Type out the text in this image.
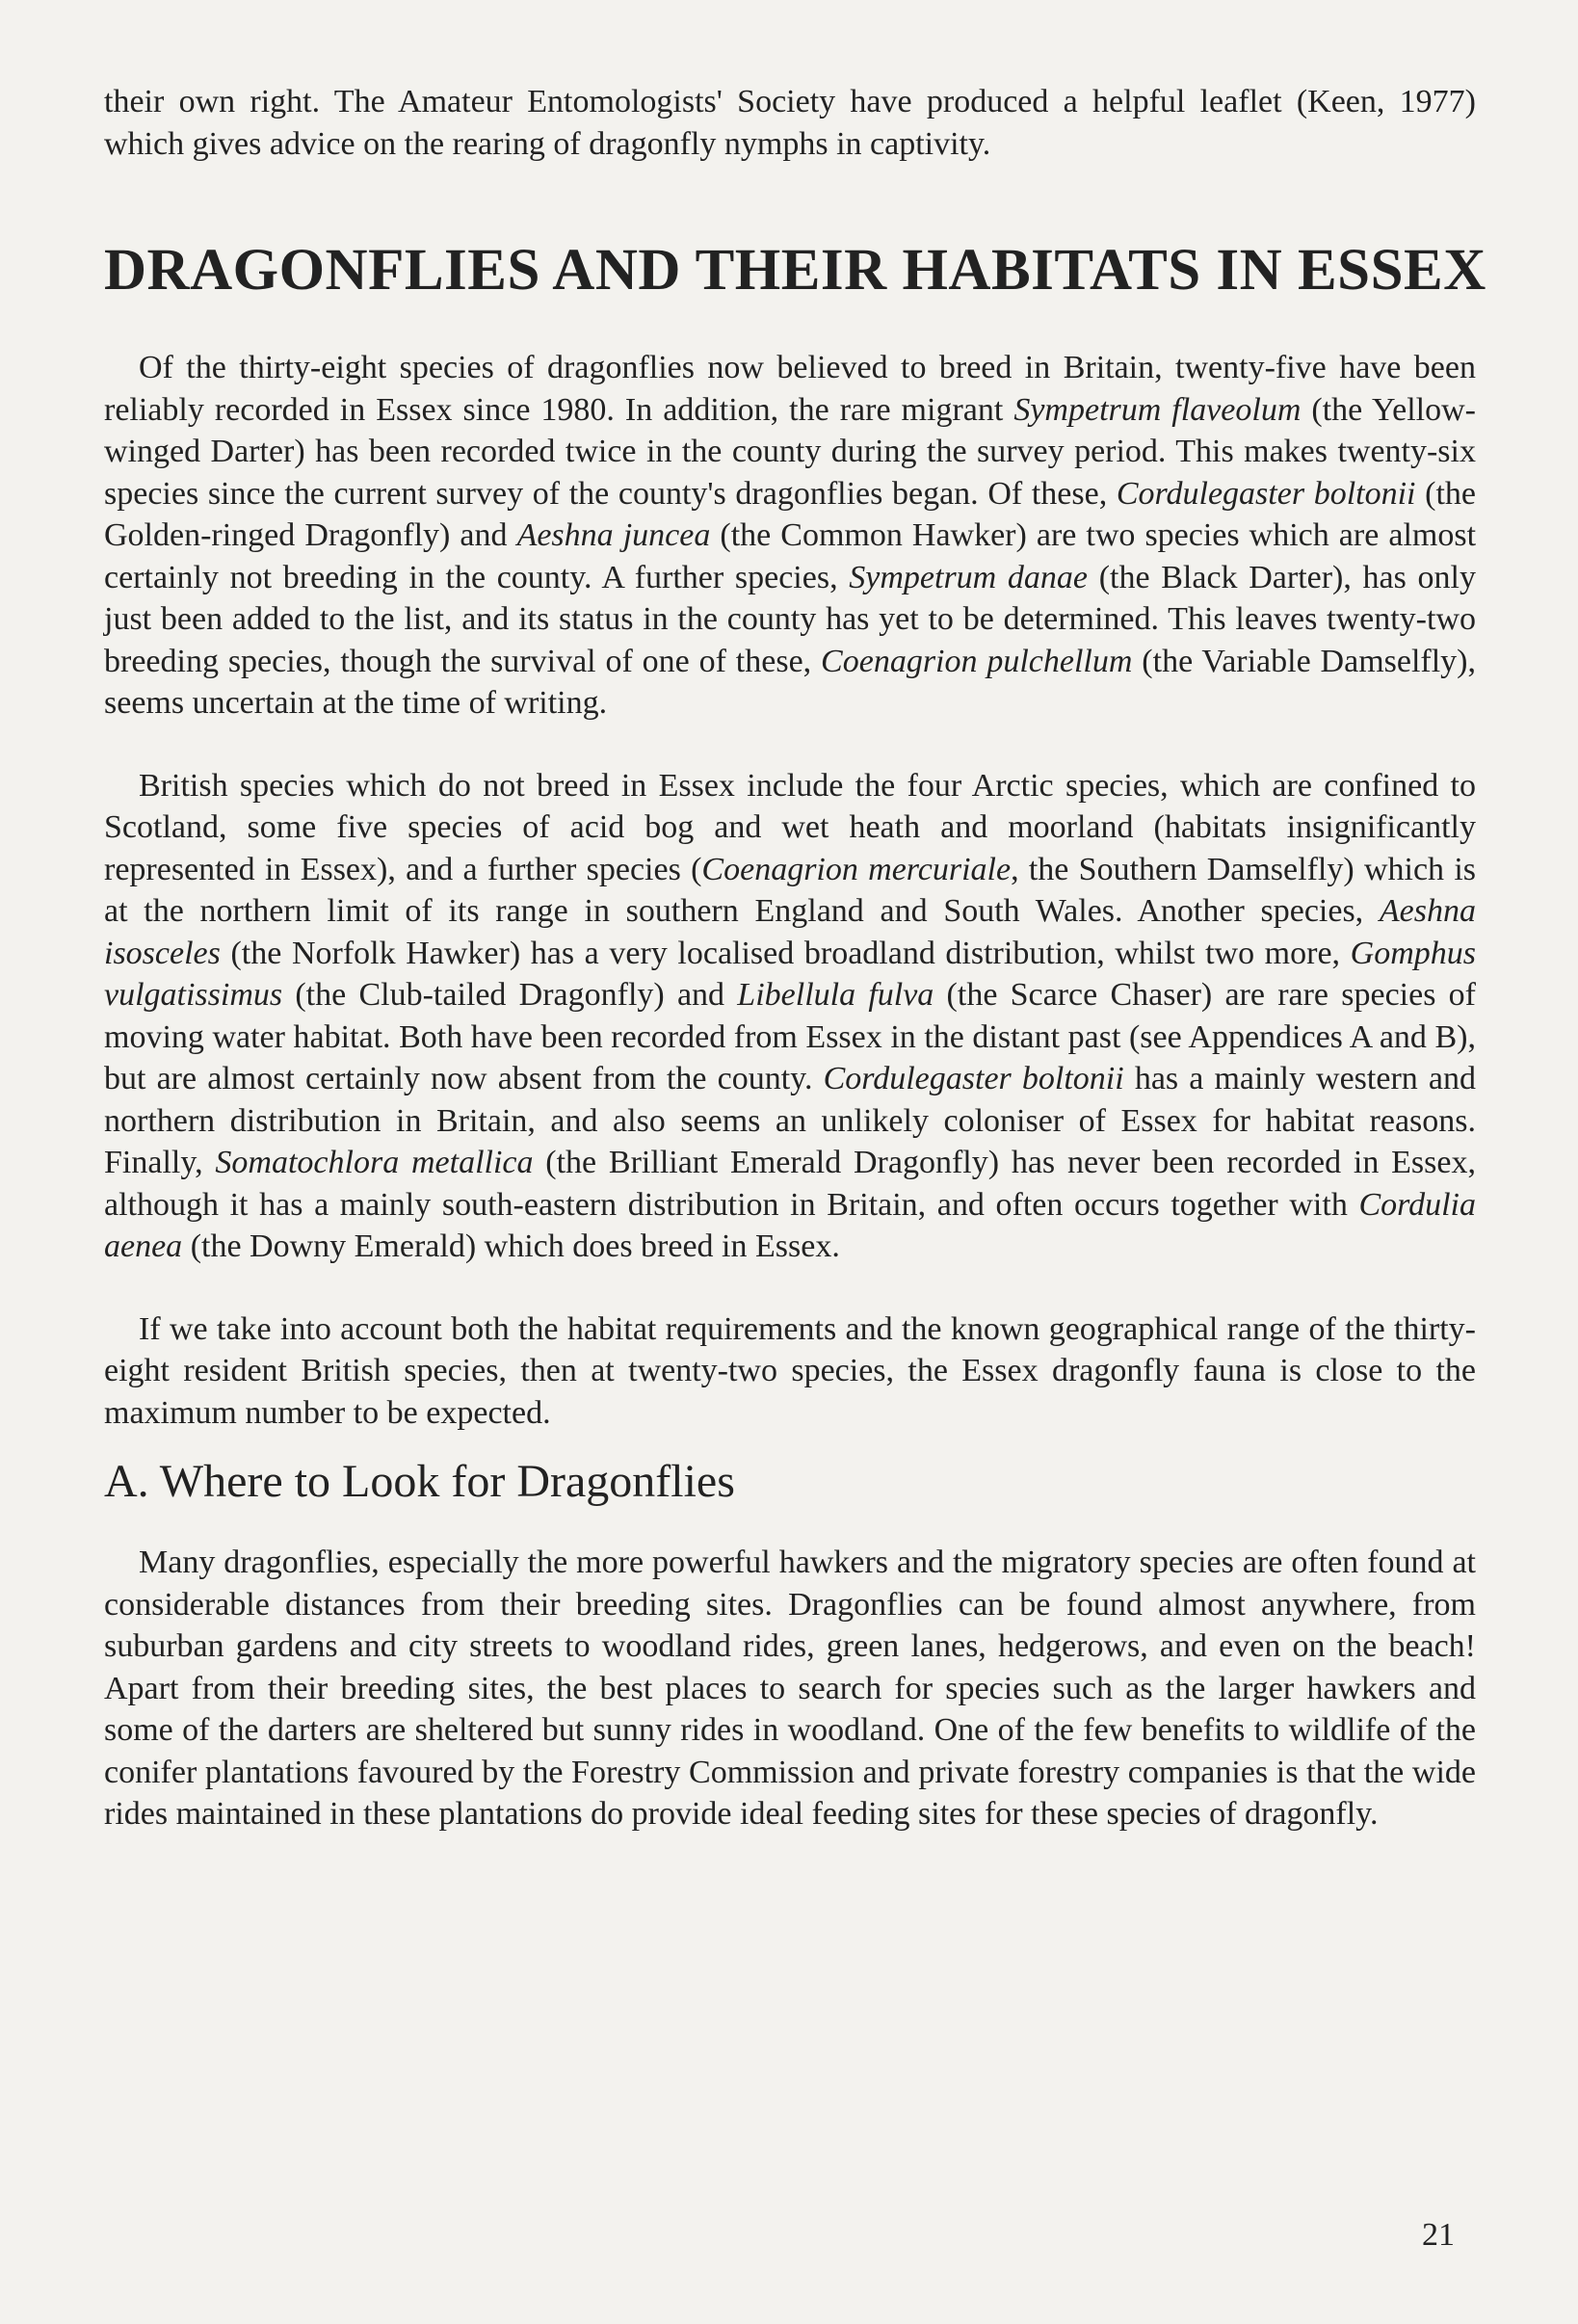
their own right. The Amateur Entomologists' Society have produced a helpful leaflet (Keen, 1977) which gives advice on the rearing of dragonfly nymphs in captivity.

DRAGONFLIES AND THEIR HABITATS IN ESSEX

Of the thirty-eight species of dragonflies now believed to breed in Britain, twenty-five have been reliably recorded in Essex since 1980. In addition, the rare migrant Sympetrum flaveolum (the Yellow-winged Darter) has been recorded twice in the county during the survey period. This makes twenty-six species since the current survey of the county's dragonflies began. Of these, Cordulegaster boltonii (the Golden-ringed Dragonfly) and Aeshna juncea (the Common Hawker) are two species which are almost certainly not breeding in the county. A further species, Sympetrum danae (the Black Darter), has only just been added to the list, and its status in the county has yet to be determined. This leaves twenty-two breeding species, though the survival of one of these, Coenagrion pulchellum (the Variable Damselfly), seems uncertain at the time of writing.

British species which do not breed in Essex include the four Arctic species, which are confined to Scotland, some five species of acid bog and wet heath and moorland (habitats insignificantly represented in Essex), and a further species (Coenagrion mercuriale, the Southern Damselfly) which is at the northern limit of its range in southern England and South Wales. Another species, Aeshna isosceles (the Norfolk Hawker) has a very localised broadland distribution, whilst two more, Gomphus vulgatissimus (the Club-tailed Dragonfly) and Libellula fulva (the Scarce Chaser) are rare species of moving water habitat. Both have been recorded from Essex in the distant past (see Appendices A and B), but are almost certainly now absent from the county. Cordulegaster boltonii has a mainly western and northern distribution in Britain, and also seems an unlikely coloniser of Essex for habitat reasons. Finally, Somatochlora metallica (the Brilliant Emerald Dragonfly) has never been recorded in Essex, although it has a mainly south-eastern distribution in Britain, and often occurs together with Cordulia aenea (the Downy Emerald) which does breed in Essex.

If we take into account both the habitat requirements and the known geographical range of the thirty-eight resident British species, then at twenty-two species, the Essex dragonfly fauna is close to the maximum number to be expected.

A. Where to Look for Dragonflies

Many dragonflies, especially the more powerful hawkers and the migratory species are often found at considerable distances from their breeding sites. Dragonflies can be found almost anywhere, from suburban gardens and city streets to woodland rides, green lanes, hedgerows, and even on the beach! Apart from their breeding sites, the best places to search for species such as the larger hawkers and some of the darters are sheltered but sunny rides in woodland. One of the few benefits to wildlife of the conifer plantations favoured by the Forestry Commission and private forestry companies is that the wide rides maintained in these plantations do provide ideal feeding sites for these species of dragonfly.

21
